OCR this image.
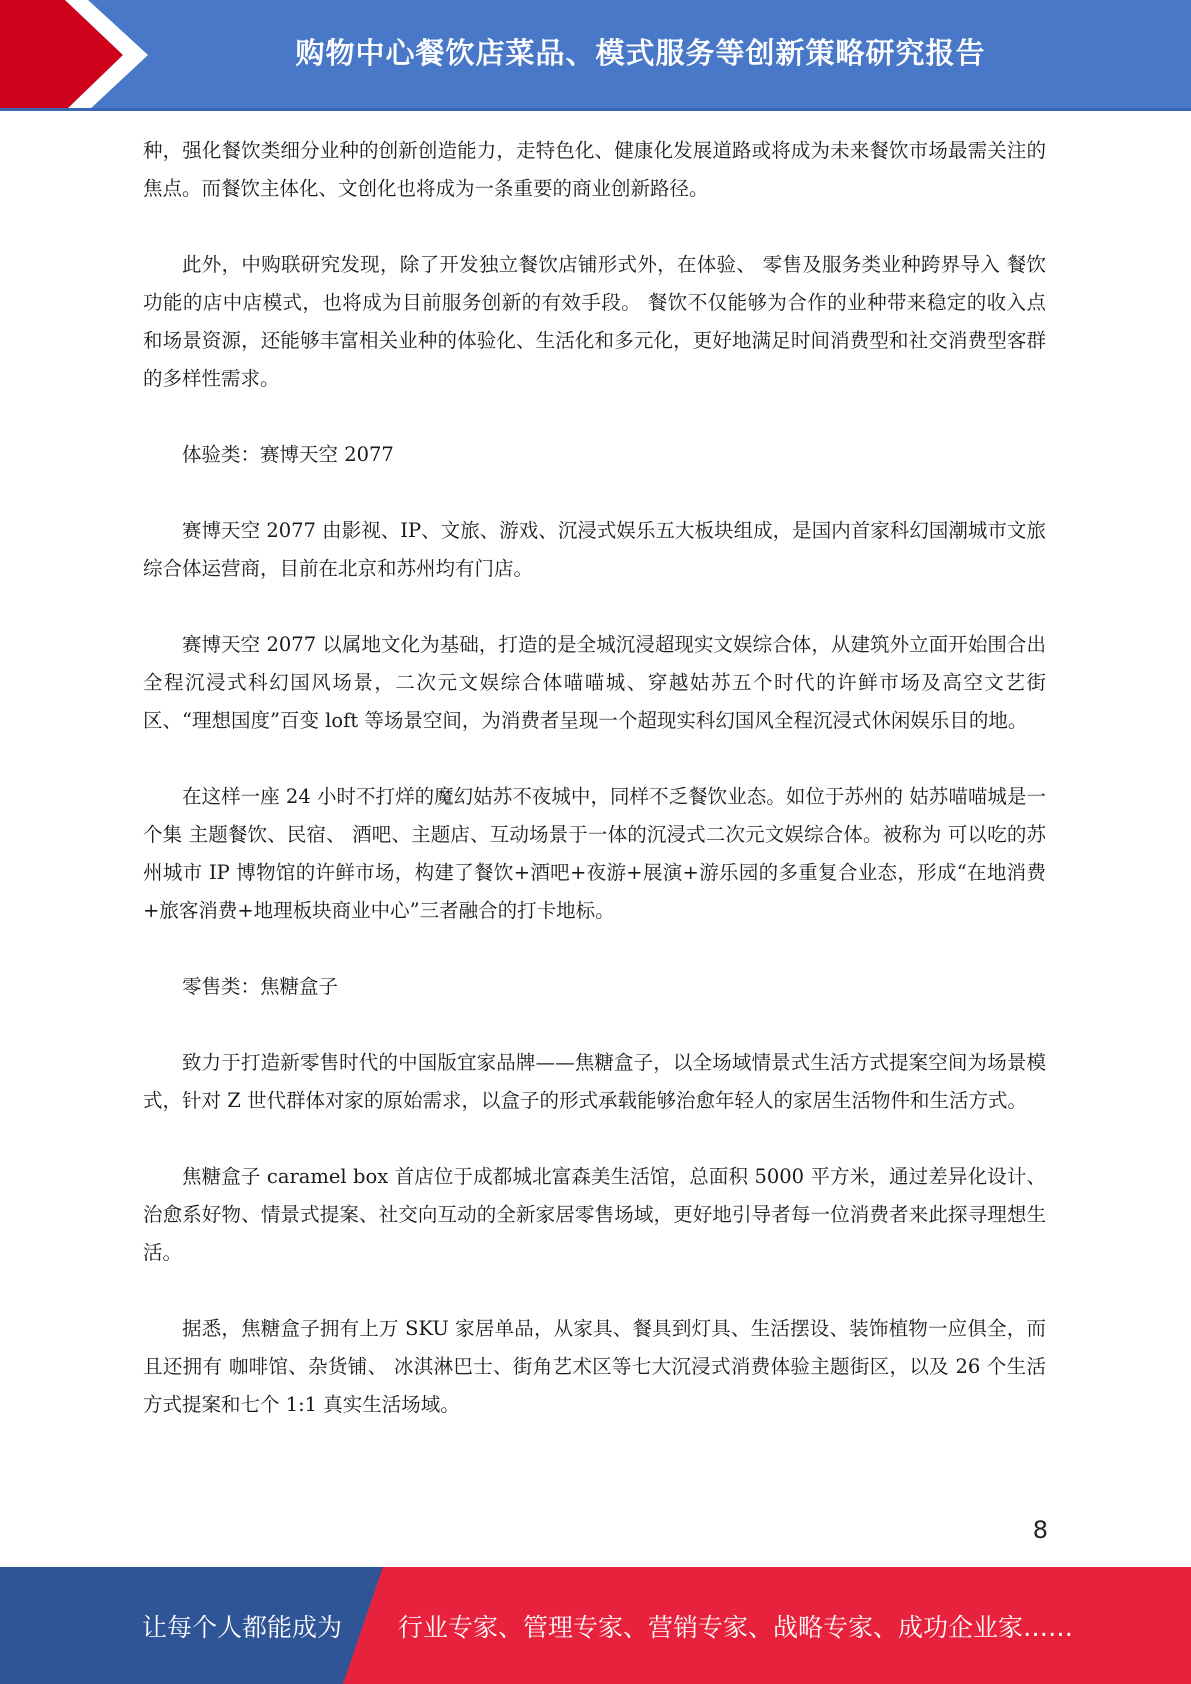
购物中心餐饮店菜品、模式服务等创新策略研究报告

种，强化餐饮类细分业种的创新创造能力，走特色化、健康化发展道路或将成为未来餐饮市场最需关注的焦点。而餐饮主体化、文创化也将成为一条重要的商业创新路径。

此外，中购联研究发现，除了开发独立餐饮店铺形式外，在体验、 零售及服务类业种跨界导入 餐饮功能的店中店模式，也将成为目前服务创新的有效手段。 餐饮不仅能够为合作的业种带来稳定的收入点和场景资源，还能够丰富相关业种的体验化、生活化和多元化，更好地满足时间消费型和社交消费型客群的多样性需求。

体验类：赛博天空 2077

赛博天空 2077 由影视、IP、文旅、游戏、沉浸式娱乐五大板块组成，是国内首家科幻国潮城市文旅综合体运营商，目前在北京和苏州均有门店。

赛博天空 2077 以属地文化为基础，打造的是全城沉浸超现实文娱综合体，从建筑外立面开始围合出全程沉浸式科幻国风场景，二次元文娱综合体喵喵城、穿越姑苏五个时代的许鲜市场及高空文艺街区、“理想国度”百变 loft 等场景空间，为消费者呈现一个超现实科幻国风全程沉浸式休闲娱乐目的地。

在这样一座 24 小时不打烊的魔幻姑苏不夜城中，同样不乏餐饮业态。如位于苏州的 姑苏喵喵城是一个集 主题餐饮、民宿、 酒吧、主题店、互动场景于一体的沉浸式二次元文娱综合体。被称为 可以吃的苏州城市 IP 博物馆的许鲜市场，构建了餐饮+酒吧+夜游+展演+游乐园的多重复合业态，形成“在地消费+旅客消费+地理板块商业中心”三者融合的打卡地标。

零售类：焦糖盒子

致力于打造新零售时代的中国版宜家品牌——焦糖盒子，以全场域情景式生活方式提案空间为场景模式，针对 Z 世代群体对家的原始需求，以盒子的形式承载能够治愈年轻人的家居生活物件和生活方式。

焦糖盒子 caramel box 首店位于成都城北富森美生活馆，总面积 5000 平方米，通过差异化设计、治愈系好物、情景式提案、社交向互动的全新家居零售场域，更好地引导者每一位消费者来此探寻理想生活。

据悉，焦糖盒子拥有上万 SKU 家居单品，从家具、餐具到灯具、生活摆设、装饰植物一应俱全，而且还拥有 咖啡馆、杂货铺、 冰淇淋巴士、街角艺术区等七大沉浸式消费体验主题街区，以及 26 个生活方式提案和七个 1:1 真实生活场域。

8
让每个人都能成为 行业专家、管理专家、营销专家、战略专家、成功企业家……
